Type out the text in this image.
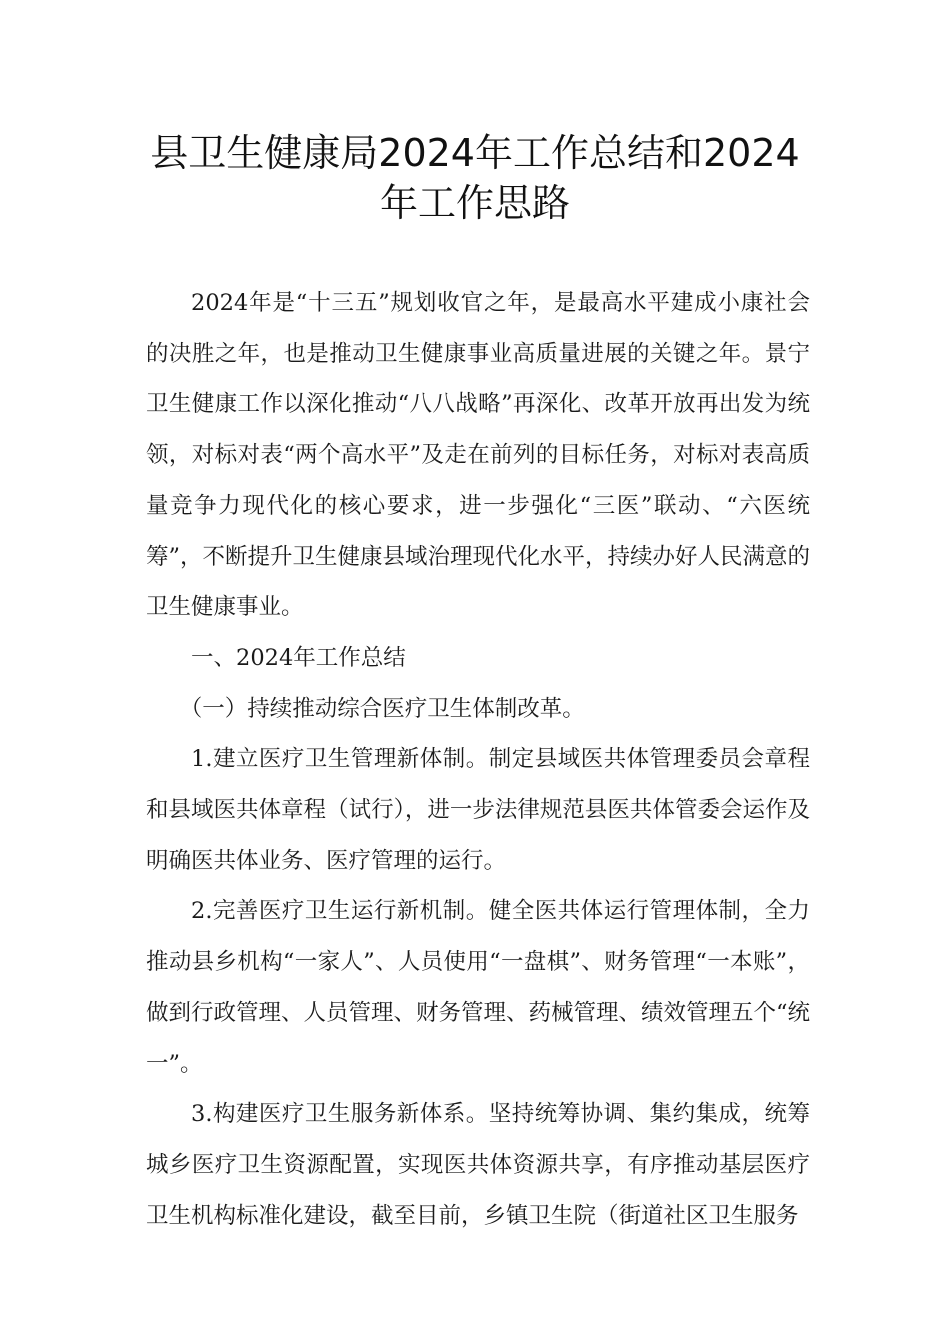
县卫生健康局2024年工作总结和2024
年工作思路

2024年是“十三五”规划收官之年，是最高水平建成小康社会的决胜之年，也是推动卫生健康事业高质量进展的关键之年。景宁卫生健康工作以深化推动“八八战略”再深化、改革开放再出发为统领，对标对表“两个高水平”及走在前列的目标任务，对标对表高质量竞争力现代化的核心要求，进一步强化“三医”联动、“六医统筹”，不断提升卫生健康县域治理现代化水平，持续办好人民满意的卫生健康事业。

一、2024年工作总结

（一）持续推动综合医疗卫生体制改革。

1.建立医疗卫生管理新体制。制定县域医共体管理委员会章程和县域医共体章程（试行），进一步法律规范县医共体管委会运作及明确医共体业务、医疗管理的运行。

2.完善医疗卫生运行新机制。健全医共体运行管理体制，全力推动县乡机构“一家人”、人员使用“一盘棋”、财务管理“一本账”，做到行政管理、人员管理、财务管理、药械管理、绩效管理五个“统一”。

3.构建医疗卫生服务新体系。坚持统筹协调、集约集成，统筹城乡医疗卫生资源配置，实现医共体资源共享，有序推动基层医疗卫生机构标准化建设，截至目前，乡镇卫生院（街道社区卫生服务
